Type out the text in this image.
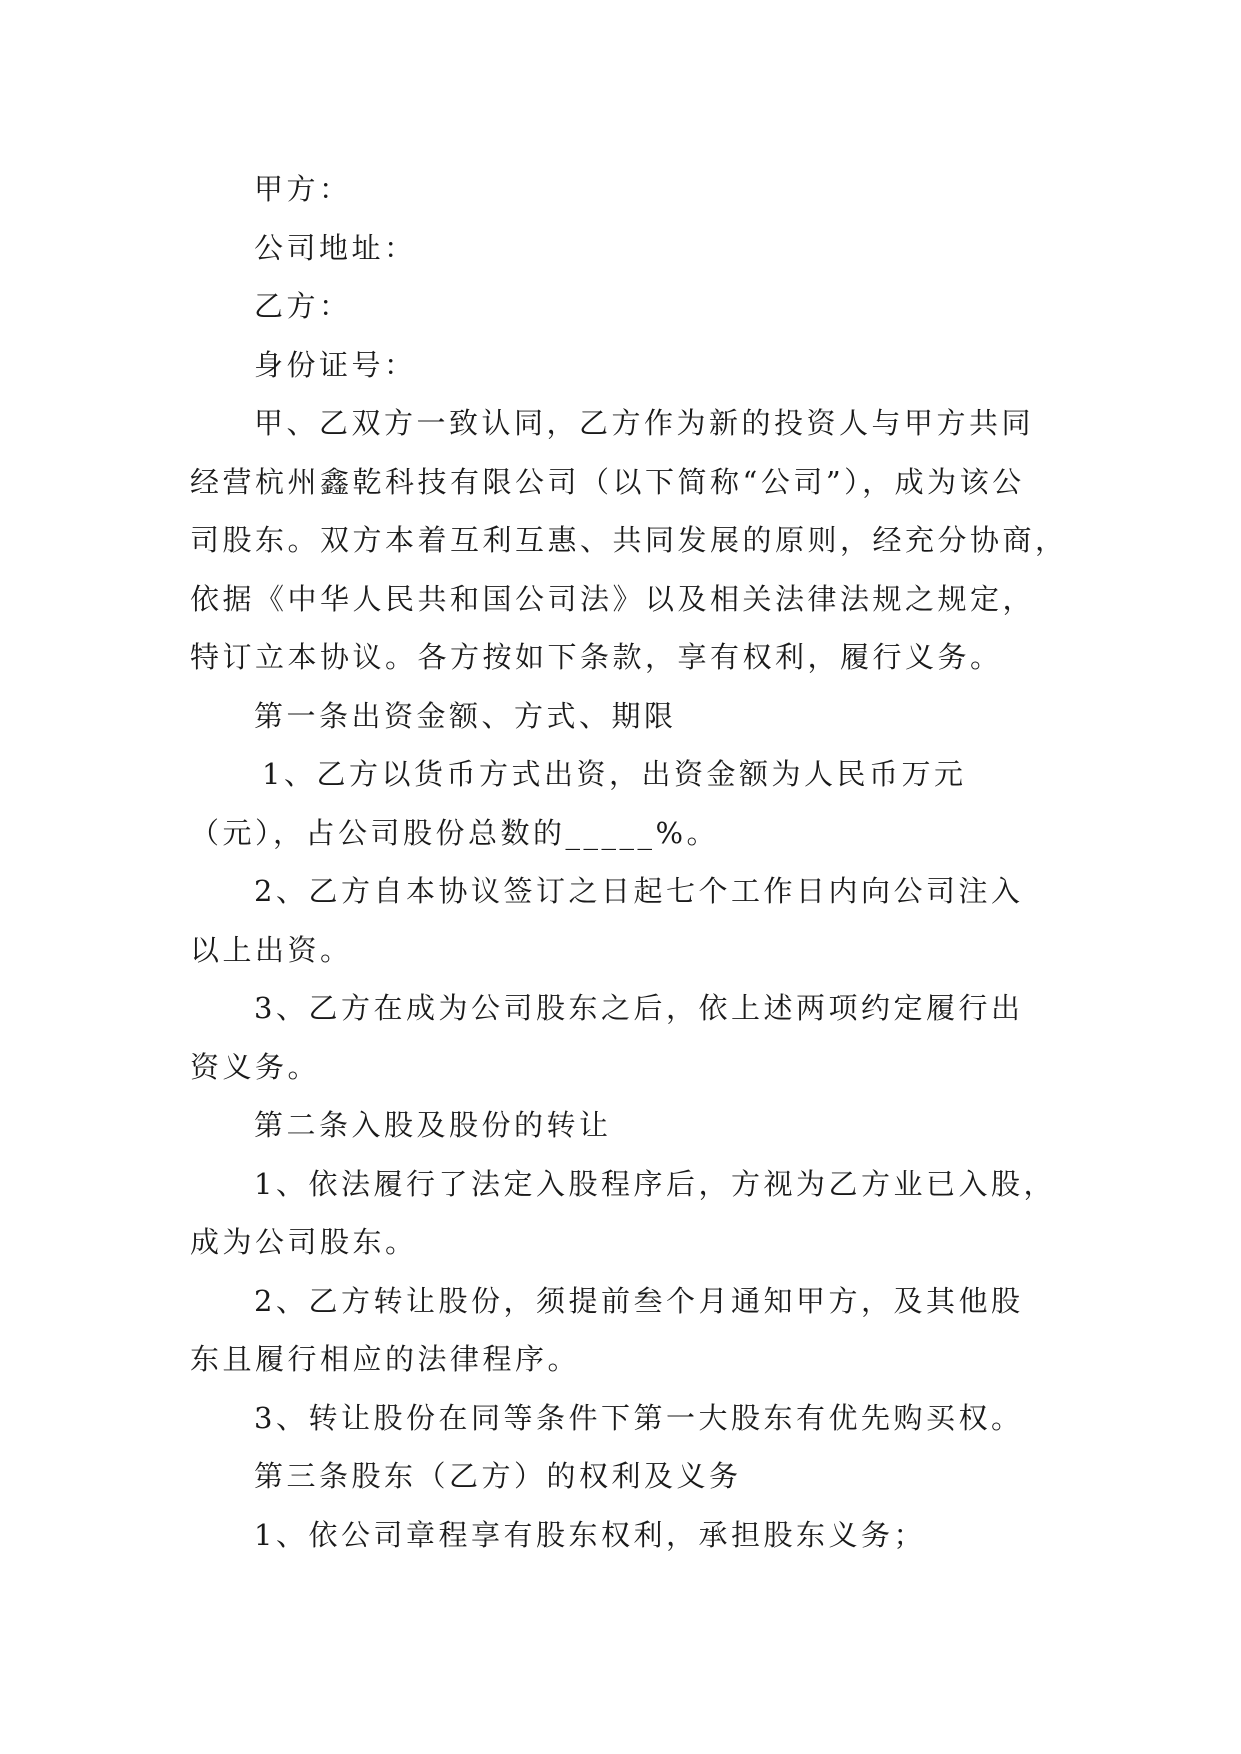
甲方：
公司地址：
乙方：
身份证号：
甲、乙双方一致认同，乙方作为新的投资人与甲方共同
经营杭州鑫乾科技有限公司（以下简称“公司”），成为该公
司股东。双方本着互利互惠、共同发展的原则，经充分协商，
依据《中华人民共和国公司法》以及相关法律法规之规定，
特订立本协议。各方按如下条款，享有权利，履行义务。
第一条出资金额、方式、期限
1、乙方以货币方式出资，出资金额为人民币万元
（元），占公司股份总数的_____%。
2、乙方自本协议签订之日起七个工作日内向公司注入
以上出资。
3、乙方在成为公司股东之后，依上述两项约定履行出
资义务。
第二条入股及股份的转让
1、依法履行了法定入股程序后，方视为乙方业已入股，
成为公司股东。
2、乙方转让股份，须提前叁个月通知甲方，及其他股
东且履行相应的法律程序。
3、转让股份在同等条件下第一大股东有优先购买权。
第三条股东（乙方）的权利及义务
1、依公司章程享有股东权利，承担股东义务；
